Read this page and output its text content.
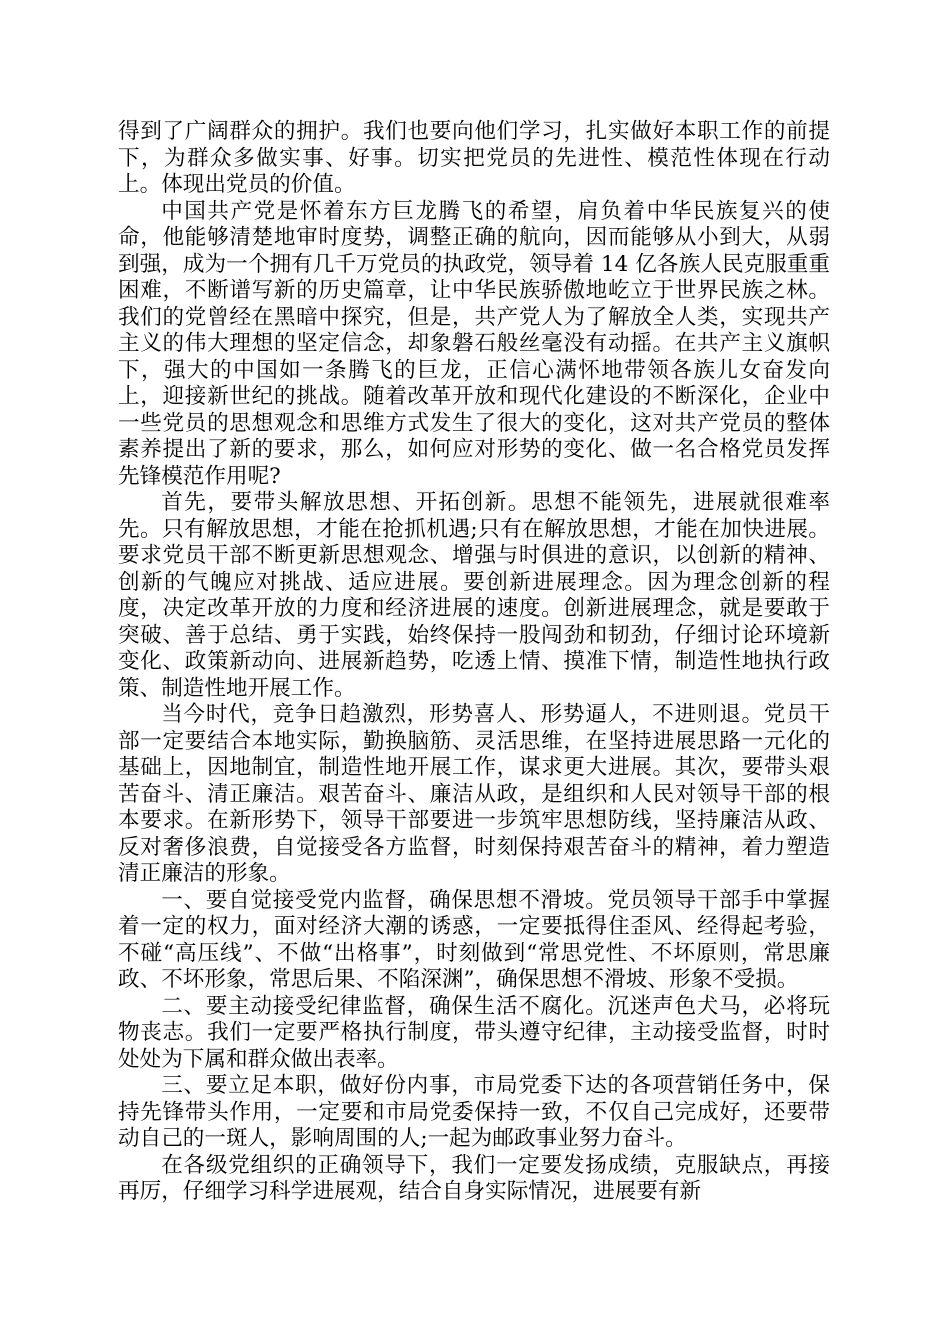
得到了广阔群众的拥护。我们也要向他们学习，扎实做好本职工作的前提下，为群众多做实事、好事。切实把党员的先进性、模范性体现在行动上。体现出党员的价值。

中国共产党是怀着东方巨龙腾飞的希望，肩负着中华民族复兴的使命，他能够清楚地审时度势，调整正确的航向，因而能够从小到大，从弱到强，成为一个拥有几千万党员的执政党，领导着 14 亿各族人民克服重重困难，不断谱写新的历史篇章，让中华民族骄傲地屹立于世界民族之林。我们的党曾经在黑暗中探究，但是，共产党人为了解放全人类，实现共产主义的伟大理想的坚定信念，却象磐石般丝毫没有动摇。在共产主义旗帜下，强大的中国如一条腾飞的巨龙，正信心满怀地带领各族儿女奋发向上，迎接新世纪的挑战。随着改革开放和现代化建设的不断深化，企业中一些党员的思想观念和思维方式发生了很大的变化，这对共产党员的整体素养提出了新的要求，那么，如何应对形势的变化、做一名合格党员发挥先锋模范作用呢?

首先，要带头解放思想、开拓创新。思想不能领先，进展就很难率先。只有解放思想，才能在抢抓机遇;只有在解放思想，才能在加快进展。要求党员干部不断更新思想观念、增强与时俱进的意识，以创新的精神、创新的气魄应对挑战、适应进展。要创新进展理念。因为理念创新的程度，决定改革开放的力度和经济进展的速度。创新进展理念，就是要敢于突破、善于总结、勇于实践，始终保持一股闯劲和韧劲，仔细讨论环境新变化、政策新动向、进展新趋势，吃透上情、摸准下情，制造性地执行政策、制造性地开展工作。

当今时代，竞争日趋激烈，形势喜人、形势逼人，不进则退。党员干部一定要结合本地实际，勤换脑筋、灵活思维，在坚持进展思路一元化的基础上，因地制宜，制造性地开展工作，谋求更大进展。其次，要带头艰苦奋斗、清正廉洁。艰苦奋斗、廉洁从政，是组织和人民对领导干部的根本要求。在新形势下，领导干部要进一步筑牢思想防线，坚持廉洁从政、反对奢侈浪费，自觉接受各方监督，时刻保持艰苦奋斗的精神，着力塑造清正廉洁的形象。

一、要自觉接受党内监督，确保思想不滑坡。党员领导干部手中掌握着一定的权力，面对经济大潮的诱惑，一定要抵得住歪风、经得起考验，不碰“高压线”、不做“出格事”，时刻做到“常思党性、不坏原则，常思廉政、不坏形象，常思后果、不陷深渊”，确保思想不滑坡、形象不受损。

二、要主动接受纪律监督，确保生活不腐化。沉迷声色犬马，必将玩物丧志。我们一定要严格执行制度，带头遵守纪律，主动接受监督，时时处处为下属和群众做出表率。

三、要立足本职，做好份内事，市局党委下达的各项营销任务中，保持先锋带头作用，一定要和市局党委保持一致，不仅自己完成好，还要带动自己的一斑人，影响周围的人;一起为邮政事业努力奋斗。

在各级党组织的正确领导下，我们一定要发扬成绩，克服缺点，再接再厉，仔细学习科学进展观，结合自身实际情况，进展要有新
